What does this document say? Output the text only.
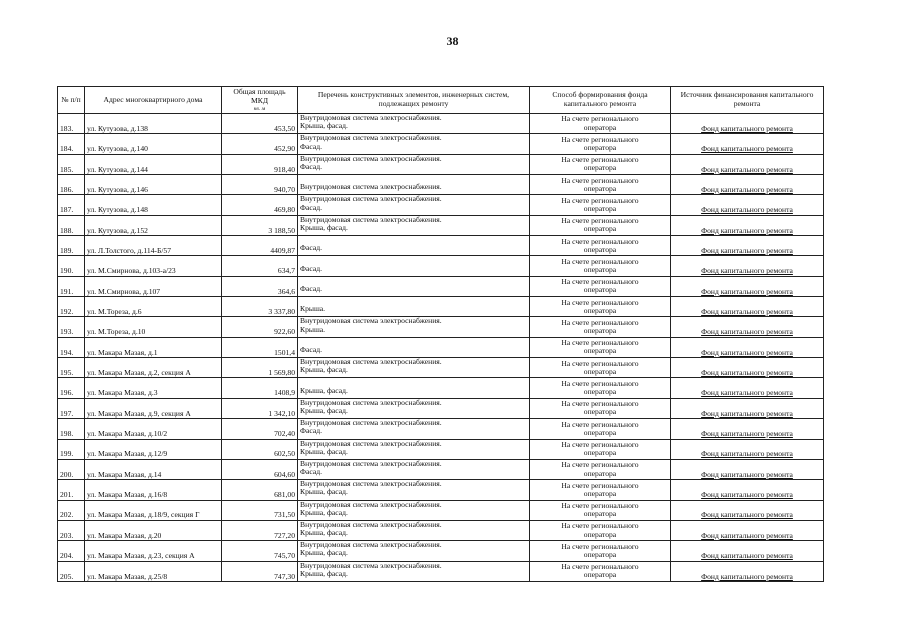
38
№ п/п	Адрес многоквартирного дома	Общая площадь МКД
кв. м	Перечень конструктивных элементов, инженерных систем, подлежащих ремонту	Способ формирования фонда капитального ремонта	Источник финансирования капитального ремонта
183.	ул. Кутузова, д.138	453,50	Внутридомовая система электроснабжения.
Крыша, фасад.	На счете регионального
оператора	Фонд капитального ремонта
184.	ул. Кутузова, д.140	452,90	Внутридомовая система электроснабжения.
Фасад.	На счете регионального
оператора	Фонд капитального ремонта
185.	ул. Кутузова, д.144	918,40	Внутридомовая система электроснабжения.
Фасад.	На счете регионального
оператора	Фонд капитального ремонта
186.	ул. Кутузова, д.146	940,70	Внутридомовая система электроснабжения.	На счете регионального
оператора	Фонд капитального ремонта
187.	ул. Кутузова, д.148	469,80	Внутридомовая система электроснабжения.
Фасад.	На счете регионального
оператора	Фонд капитального ремонта
188.	ул. Кутузова, д.152	3 188,50	Внутридомовая система электроснабжения.
Крыша, фасад.	На счете регионального
оператора	Фонд капитального ремонта
189.	ул. Л.Толстого, д.114-Б/57	4409,87	Фасад.	На счете регионального
оператора	Фонд капитального ремонта
190.	ул. М.Смирнова, д.103-а/23	634,7	Фасад.	На счете регионального
оператора	Фонд капитального ремонта
191.	ул. М.Смирнова, д.107	364,6	Фасад.	На счете регионального
оператора	Фонд капитального ремонта
192.	ул. М.Тореза, д.6	3 337,80	Крыша.	На счете регионального
оператора	Фонд капитального ремонта
193.	ул. М.Тореза, д.10	922,60	Внутридомовая система электроснабжения.
Крыша.	На счете регионального
оператора	Фонд капитального ремонта
194.	ул. Макара Мазая, д.1	1501,4	Фасад.	На счете регионального
оператора	Фонд капитального ремонта
195.	ул. Макара Мазая, д.2, секция А	1 569,80	Внутридомовая система электроснабжения.
Крыша, фасад.	На счете регионального
оператора	Фонд капитального ремонта
196.	ул. Макара Мазая, д.3	1408,9	Крыша, фасад.	На счете регионального
оператора	Фонд капитального ремонта
197.	ул. Макара Мазая, д.9, секция А	1 342,10	Внутридомовая система электроснабжения.
Крыша, фасад.	На счете регионального
оператора	Фонд капитального ремонта
198.	ул. Макара Мазая, д.10/2	702,40	Внутридомовая система электроснабжения.
Фасад.	На счете регионального
оператора	Фонд капитального ремонта
199.	ул. Макара Мазая, д.12/9	602,50	Внутридомовая система электроснабжения.
Крыша, фасад.	На счете регионального
оператора	Фонд капитального ремонта
200.	ул. Макара Мазая, д.14	604,60	Внутридомовая система электроснабжения.
Фасад.	На счете регионального
оператора	Фонд капитального ремонта
201.	ул. Макара Мазая, д.16/8	681,00	Внутридомовая система электроснабжения.
Крыша, фасад.	На счете регионального
оператора	Фонд капитального ремонта
202.	ул. Макара Мазая, д.18/9, секция Г	731,50	Внутридомовая система электроснабжения.
Крыша, фасад.	На счете регионального
оператора	Фонд капитального ремонта
203.	ул. Макара Мазая, д.20	727,20	Внутридомовая система электроснабжения.
Крыша, фасад.	На счете регионального
оператора	Фонд капитального ремонта
204.	ул. Макара Мазая, д.23, секция А	745,70	Внутридомовая система электроснабжения.
Крыша, фасад.	На счете регионального
оператора	Фонд капитального ремонта
205.	ул. Макара Мазая, д.25/8	747,30	Внутридомовая система электроснабжения.
Крыша, фасад.	На счете регионального
оператора	Фонд капитального ремонта
